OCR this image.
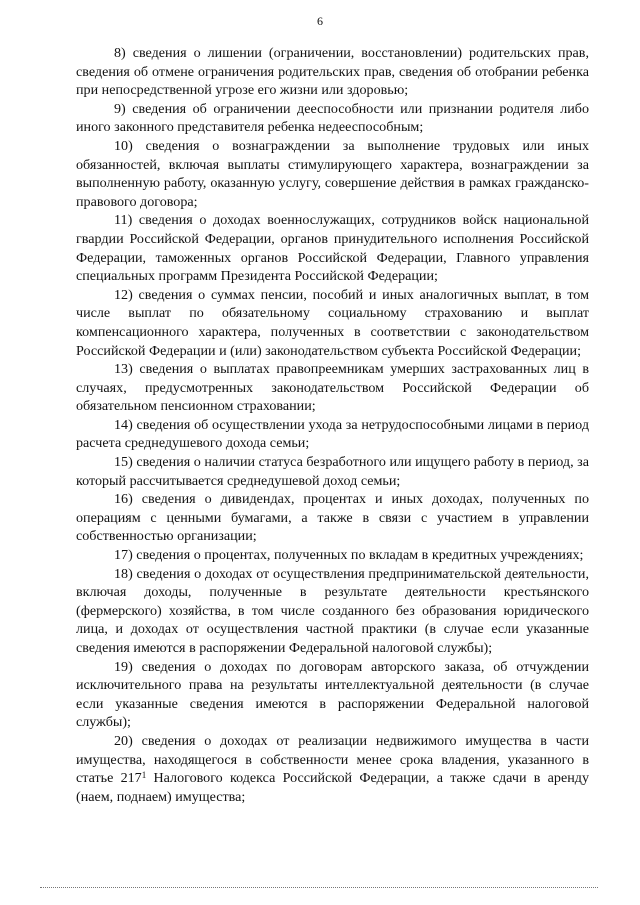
6

8) сведения о лишении (ограничении, восстановлении) родительских прав, сведения об отмене ограничения родительских прав, сведения об отобрании ребенка при непосредственной угрозе его жизни или здоровью;

9) сведения об ограничении дееспособности или признании родителя либо иного законного представителя ребенка недееспособным;

10) сведения о вознаграждении за выполнение трудовых или иных обязанностей, включая выплаты стимулирующего характера, вознаграждении за выполненную работу, оказанную услугу, совершение действия в рамках гражданско-правового договора;

11) сведения о доходах военнослужащих, сотрудников войск национальной гвардии Российской Федерации, органов принудительного исполнения Российской Федерации, таможенных органов Российской Федерации, Главного управления специальных программ Президента Российской Федерации;

12) сведения о суммах пенсии, пособий и иных аналогичных выплат, в том числе выплат по обязательному социальному страхованию и выплат компенсационного характера, полученных в соответствии с законодательством Российской Федерации и (или) законодательством субъекта Российской Федерации;

13) сведения о выплатах правопреемникам умерших застрахованных лиц в случаях, предусмотренных законодательством Российской Федерации об обязательном пенсионном страховании;

14) сведения об осуществлении ухода за нетрудоспособными лицами в период расчета среднедушевого дохода семьи;

15) сведения о наличии статуса безработного или ищущего работу в период, за который рассчитывается среднедушевой доход семьи;

16) сведения о дивидендах, процентах и иных доходах, полученных по операциям с ценными бумагами, а также в связи с участием в управлении собственностью организации;

17) сведения о процентах, полученных по вкладам в кредитных учреждениях;

18) сведения о доходах от осуществления предпринимательской деятельности, включая доходы, полученные в результате деятельности крестьянского (фермерского) хозяйства, в том числе созданного без образования юридического лица, и доходах от осуществления частной практики (в случае если указанные сведения имеются в распоряжении Федеральной налоговой службы);

19) сведения о доходах по договорам авторского заказа, об отчуждении исключительного права на результаты интеллектуальной деятельности (в случае если указанные сведения имеются в распоряжении Федеральной налоговой службы);

20) сведения о доходах от реализации недвижимого имущества в части имущества, находящегося в собственности менее срока владения, указанного в статье $217^1$ Налогового кодекса Российской Федерации, а также сдачи в аренду (наем, поднаем) имущества;
